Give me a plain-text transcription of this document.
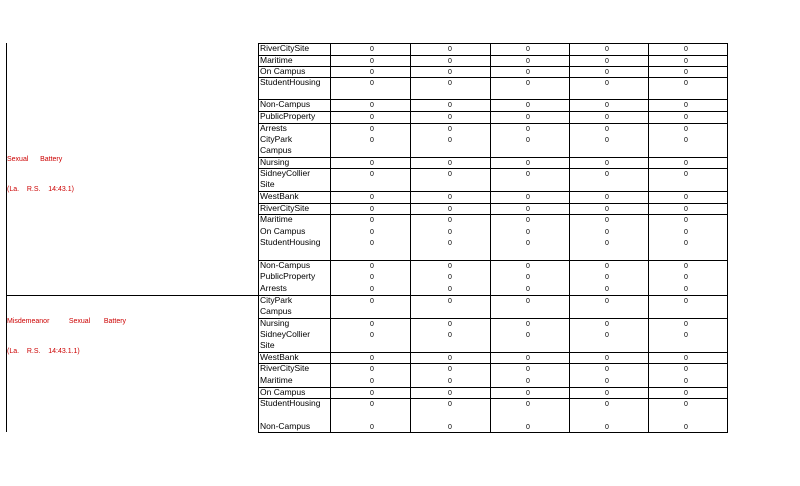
Sexual      Battery

(La.    R.S.    14:43.1)

Misdemeanor          Sexual       Battery

(La.    R.S.    14:43.1.1)

RiverCitySite	0	0	0	0	0
Maritime	0	0	0	0	0
On Campus	0	0	0	0	0
StudentHousing	0	0	0	0	0
Non-Campus	0	0	0	0	0
PublicProperty	0	0	0	0	0
Arrests	0	0	0	0	0
CityPark
Campus
0	0	0	0	0
Nursing	0	0	0	0	0
SidneyCollier
Site
0	0	0	0	0
WestBank	0	0	0	0	0
RiverCitySite	0	0	0	0	0
Maritime	0	0	0	0	0
On Campus	0	0	0	0	0
StudentHousing	0	0	0	0	0
Non-Campus	0	0	0	0	0
PublicProperty	0	0	0	0	0
Arrests	0	0	0	0	0
CityPark
Campus
0	0	0	0	0
Nursing	0	0	0	0	0
SidneyCollier
Site
0	0	0	0	0
WestBank	0	0	0	0	0
RiverCitySite	0	0	0	0	0
Maritime	0	0	0	0	0
On Campus	0	0	0	0	0
StudentHousing	0	0	0	0	0
Non-Campus	0	0	0	0	0
